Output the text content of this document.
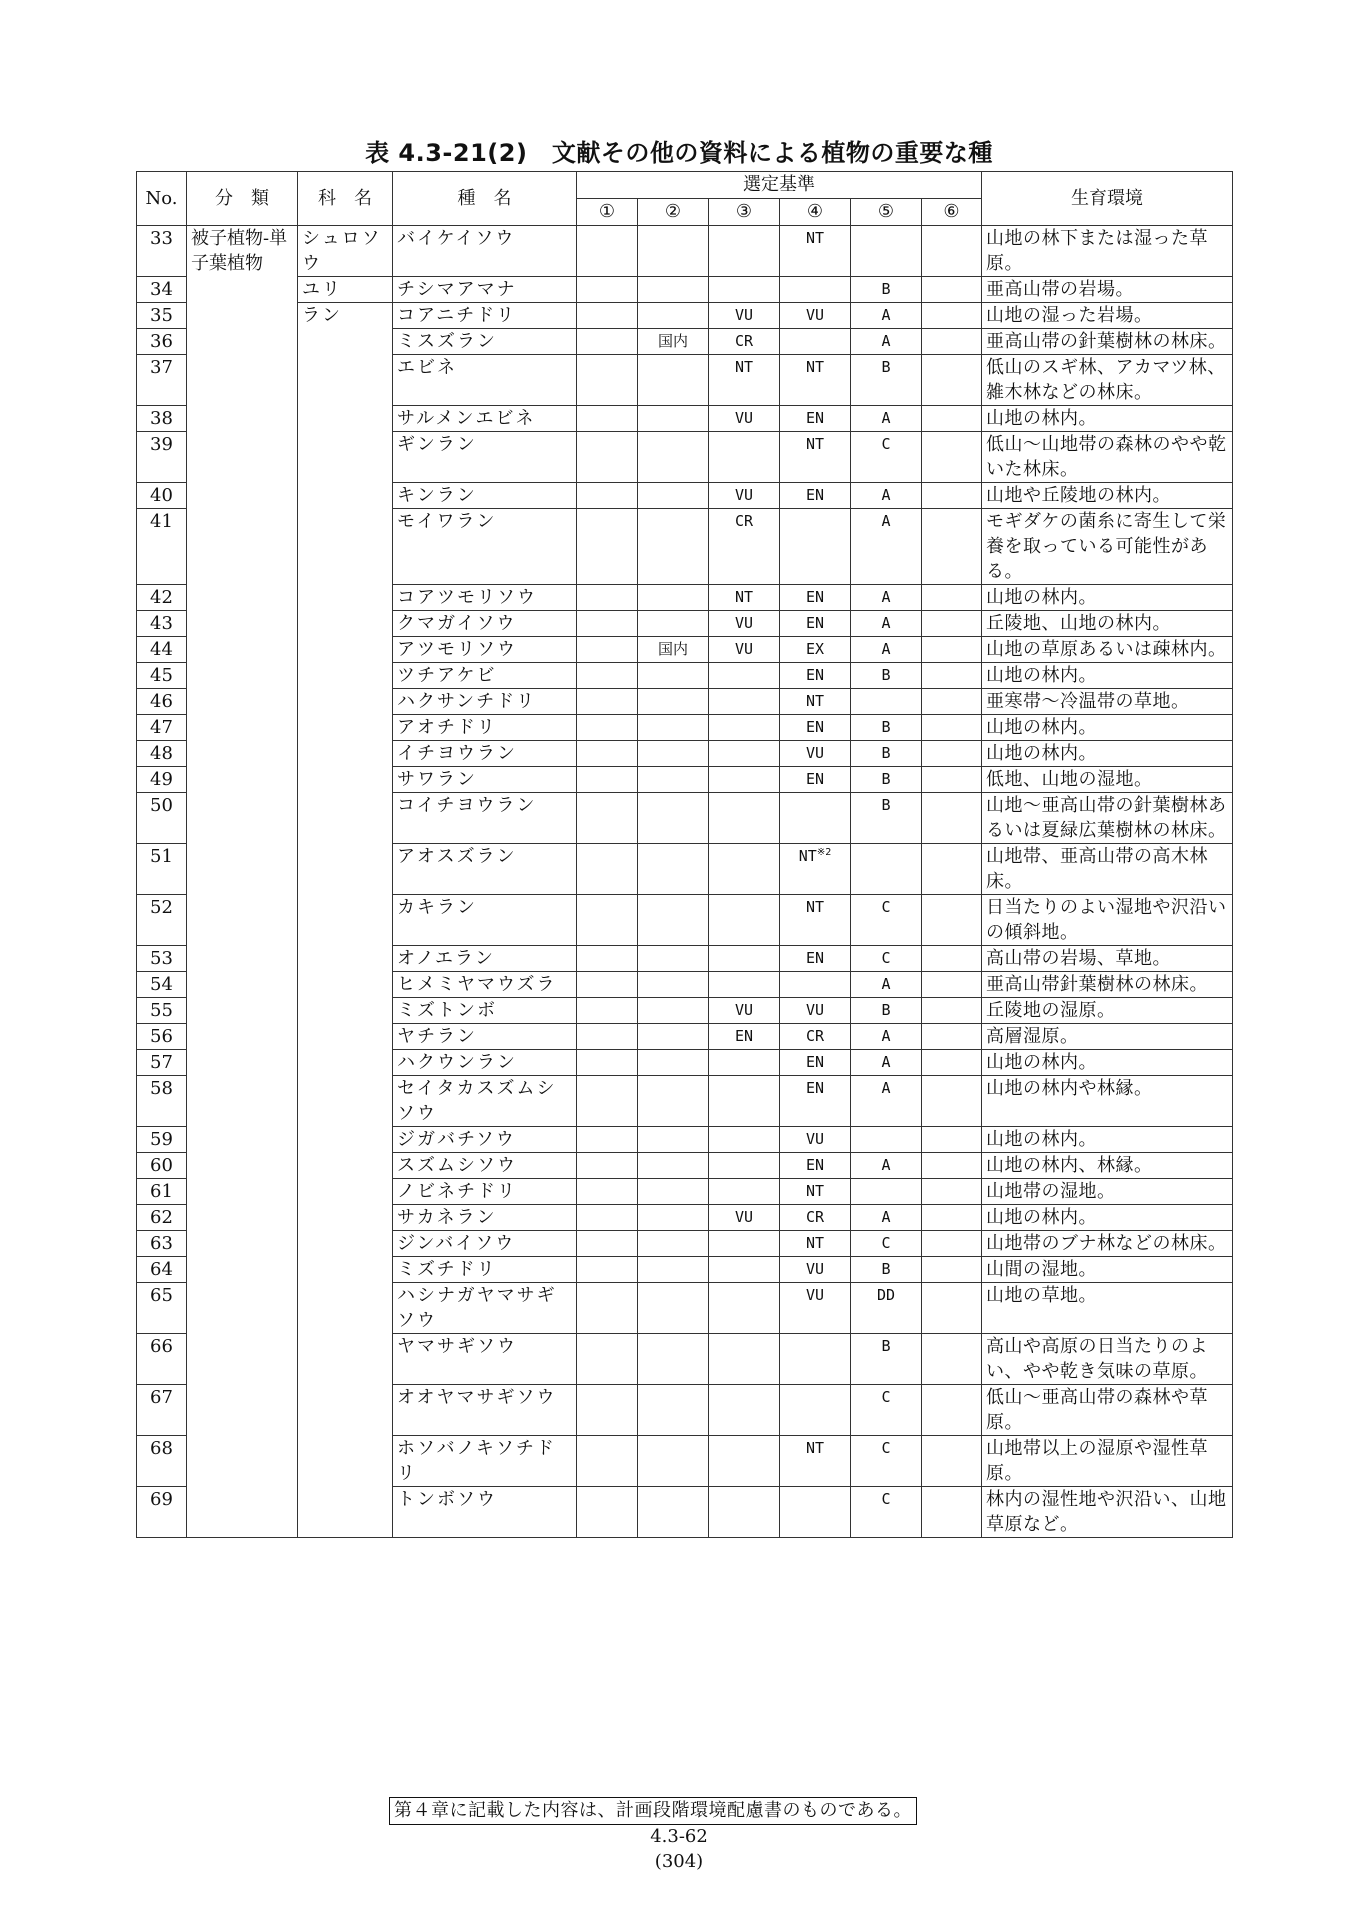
表 4.3-21(2)　文献その他の資料による植物の重要な種
No.	分　類	科　名	種　名	選定基準						生育環境
				①	②	③	④	⑤	⑥	
33	被子植物-単子葉植物	シュロソウ	バイケイソウ				NT			山地の林下または湿った草原。
34		ユリ	チシマアマナ					B		亜高山帯の岩場。
35		ラン	コアニチドリ			VU	VU	A		山地の湿った岩場。
36			ミスズラン		国内	CR		A		亜高山帯の針葉樹林の林床。
37			エビネ			NT	NT	B		低山のスギ林、アカマツ林、雑木林などの林床。
38			サルメンエビネ			VU	EN	A		山地の林内。
39			ギンラン				NT	C		低山～山地帯の森林のやや乾いた林床。
40			キンラン			VU	EN	A		山地や丘陵地の林内。
41			モイワラン			CR		A		モギダケの菌糸に寄生して栄養を取っている可能性がある。
42			コアツモリソウ			NT	EN	A		山地の林内。
43			クマガイソウ			VU	EN	A		丘陵地、山地の林内。
44			アツモリソウ		国内	VU	EX	A		山地の草原あるいは疎林内。
45			ツチアケビ				EN	B		山地の林内。
46			ハクサンチドリ				NT			亜寒帯～冷温帯の草地。
47			アオチドリ				EN	B		山地の林内。
48			イチヨウラン				VU	B		山地の林内。
49			サワラン				EN	B		低地、山地の湿地。
50			コイチヨウラン					B		山地～亜高山帯の針葉樹林あるいは夏緑広葉樹林の林床。
51			アオスズラン				NT$^{※2}$			山地帯、亜高山帯の高木林床。
52			カキラン				NT	C		日当たりのよい湿地や沢沿いの傾斜地。
53			オノエラン				EN	C		高山帯の岩場、草地。
54			ヒメミヤマウズラ					A		亜高山帯針葉樹林の林床。
55			ミズトンボ			VU	VU	B		丘陵地の湿原。
56			ヤチラン			EN	CR	A		高層湿原。
57			ハクウンラン				EN	A		山地の林内。
58			セイタカスズムシソウ				EN	A		山地の林内や林縁。
59			ジガバチソウ				VU			山地の林内。
60			スズムシソウ				EN	A		山地の林内、林縁。
61			ノビネチドリ				NT			山地帯の湿地。
62			サカネラン			VU	CR	A		山地の林内。
63			ジンバイソウ				NT	C		山地帯のブナ林などの林床。
64			ミズチドリ				VU	B		山間の湿地。
65			ハシナガヤマサギソウ				VU	DD		山地の草地。
66			ヤマサギソウ					B		高山や高原の日当たりのよい、やや乾き気味の草原。
67			オオヤマサギソウ					C		低山～亜高山帯の森林や草原。
68			ホソバノキソチドリ				NT	C		山地帯以上の湿原や湿性草原。
69			トンボソウ					C		林内の湿性地や沢沿い、山地草原など。
第４章に記載した内容は、計画段階環境配慮書のものである。
4.3-62
(304)
